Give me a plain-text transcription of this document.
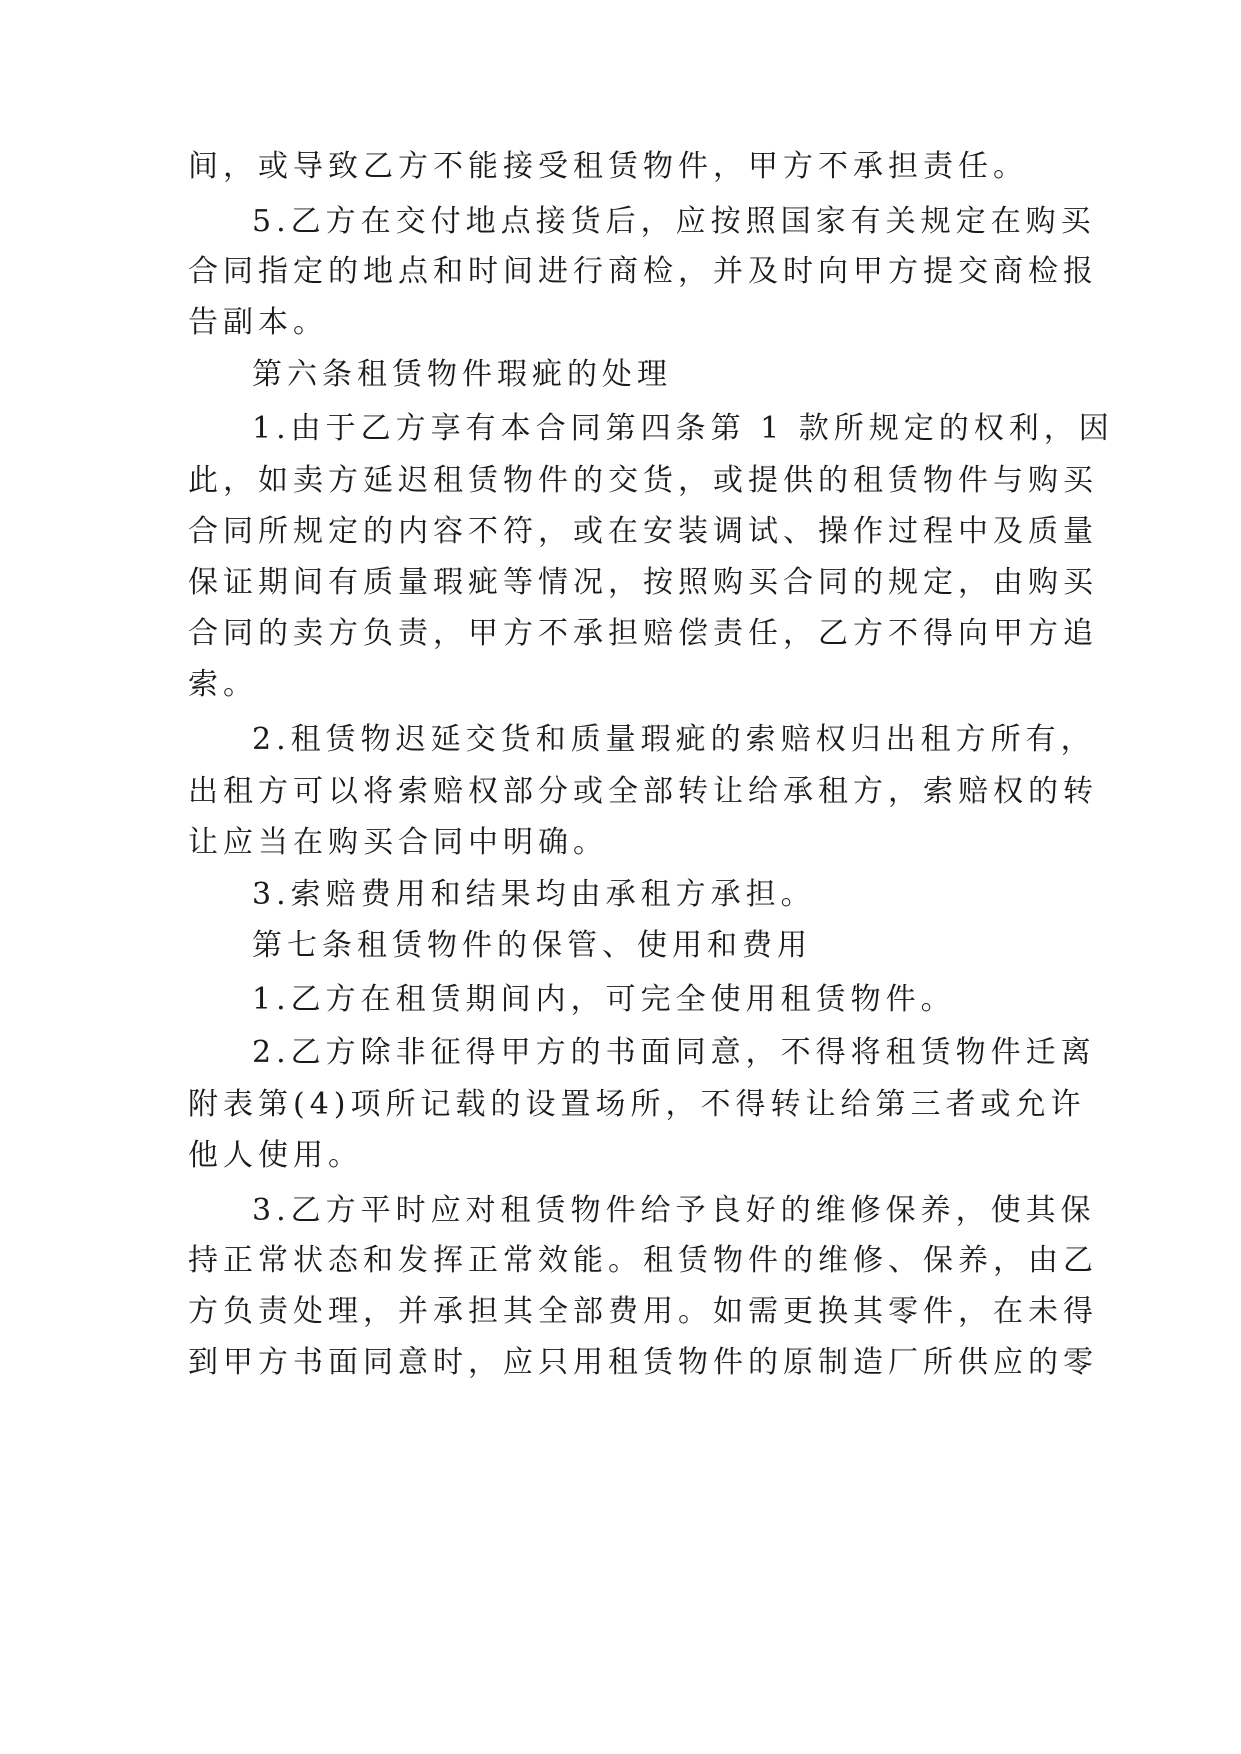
间，或导致乙方不能接受租赁物件，甲方不承担责任。
5.乙方在交付地点接货后，应按照国家有关规定在购买
合同指定的地点和时间进行商检，并及时向甲方提交商检报
告副本。
第六条租赁物件瑕疵的处理
1.由于乙方享有本合同第四条第 1 款所规定的权利，因
此，如卖方延迟租赁物件的交货，或提供的租赁物件与购买
合同所规定的内容不符，或在安装调试、操作过程中及质量
保证期间有质量瑕疵等情况，按照购买合同的规定，由购买
合同的卖方负责，甲方不承担赔偿责任，乙方不得向甲方追
索。
2.租赁物迟延交货和质量瑕疵的索赔权归出租方所有，
出租方可以将索赔权部分或全部转让给承租方，索赔权的转
让应当在购买合同中明确。
3.索赔费用和结果均由承租方承担。
第七条租赁物件的保管、使用和费用
1.乙方在租赁期间内，可完全使用租赁物件。
2.乙方除非征得甲方的书面同意，不得将租赁物件迁离
附表第(4)项所记载的设置场所，不得转让给第三者或允许
他人使用。
3.乙方平时应对租赁物件给予良好的维修保养，使其保
持正常状态和发挥正常效能。租赁物件的维修、保养，由乙
方负责处理，并承担其全部费用。如需更换其零件，在未得
到甲方书面同意时，应只用租赁物件的原制造厂所供应的零
